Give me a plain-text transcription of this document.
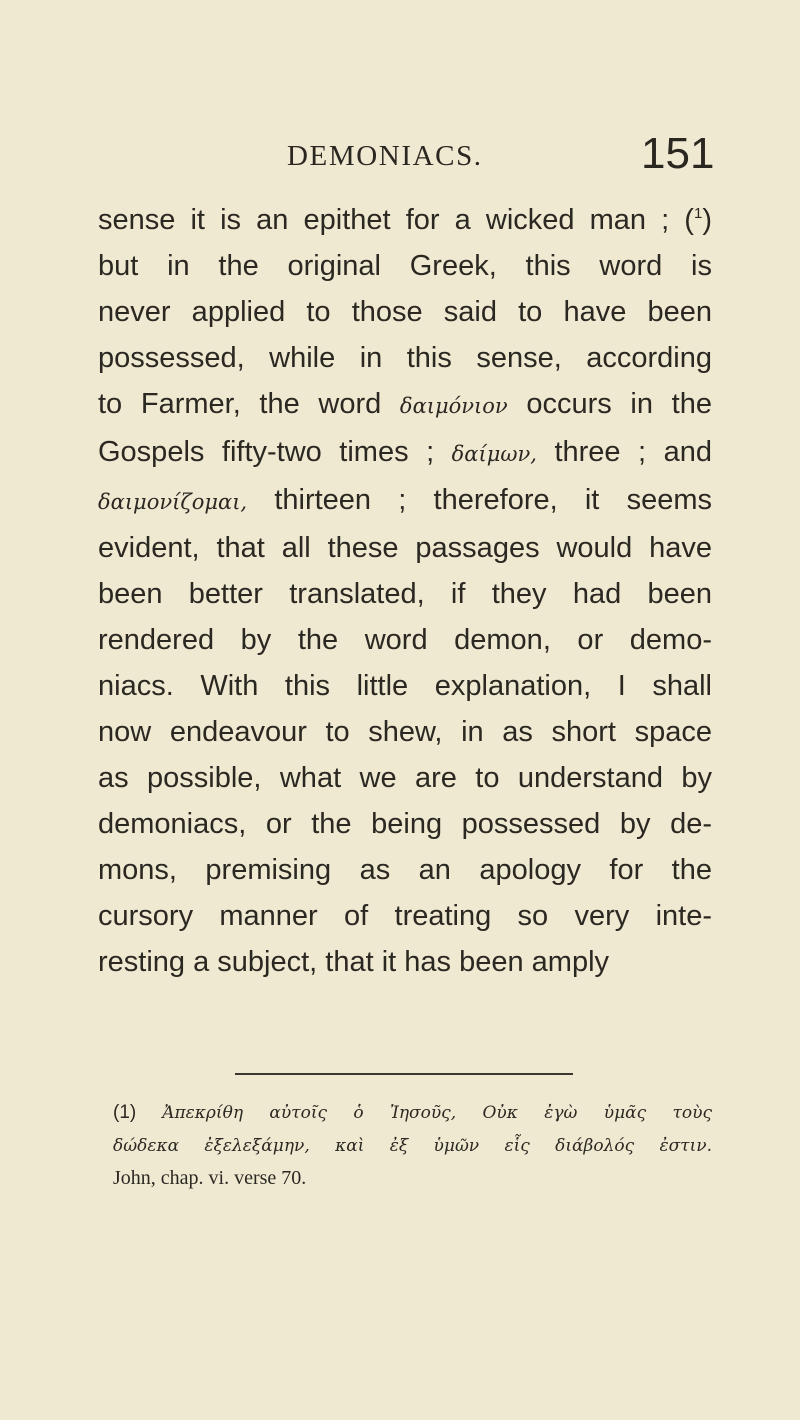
DEMONIACS.	151
sense it is an epithet for a wicked man ; ($^1$)
but in the original Greek, this word is
never applied to those said to have been
possessed, while in this sense, according
to Farmer, the word δαιμόνιον occurs in the
Gospels fifty-two times ; δαίμων, three ; and
δαιμονίζομαι, thirteen ; therefore, it seems
evident, that all these passages would have
been better translated, if they had been
rendered by the word demon, or demo-
niacs. With this little explanation, I shall
now endeavour to shew, in as short space
as possible, what we are to understand by
demoniacs, or the being possessed by de-
mons, premising as an apology for the
cursory manner of treating so very inte-
resting a subject, that it has been amply
(1) Ἀπεκρίθη αὐτοῖς ὁ Ἰησοῦς, Οὐκ ἐγὼ ὑμᾶς τοὺς
δώδεκα ἐξελεξάμην, καὶ ἐξ ὑμῶν εἷς διάβολός ἐστιν.
John, chap. vi. verse 70.
